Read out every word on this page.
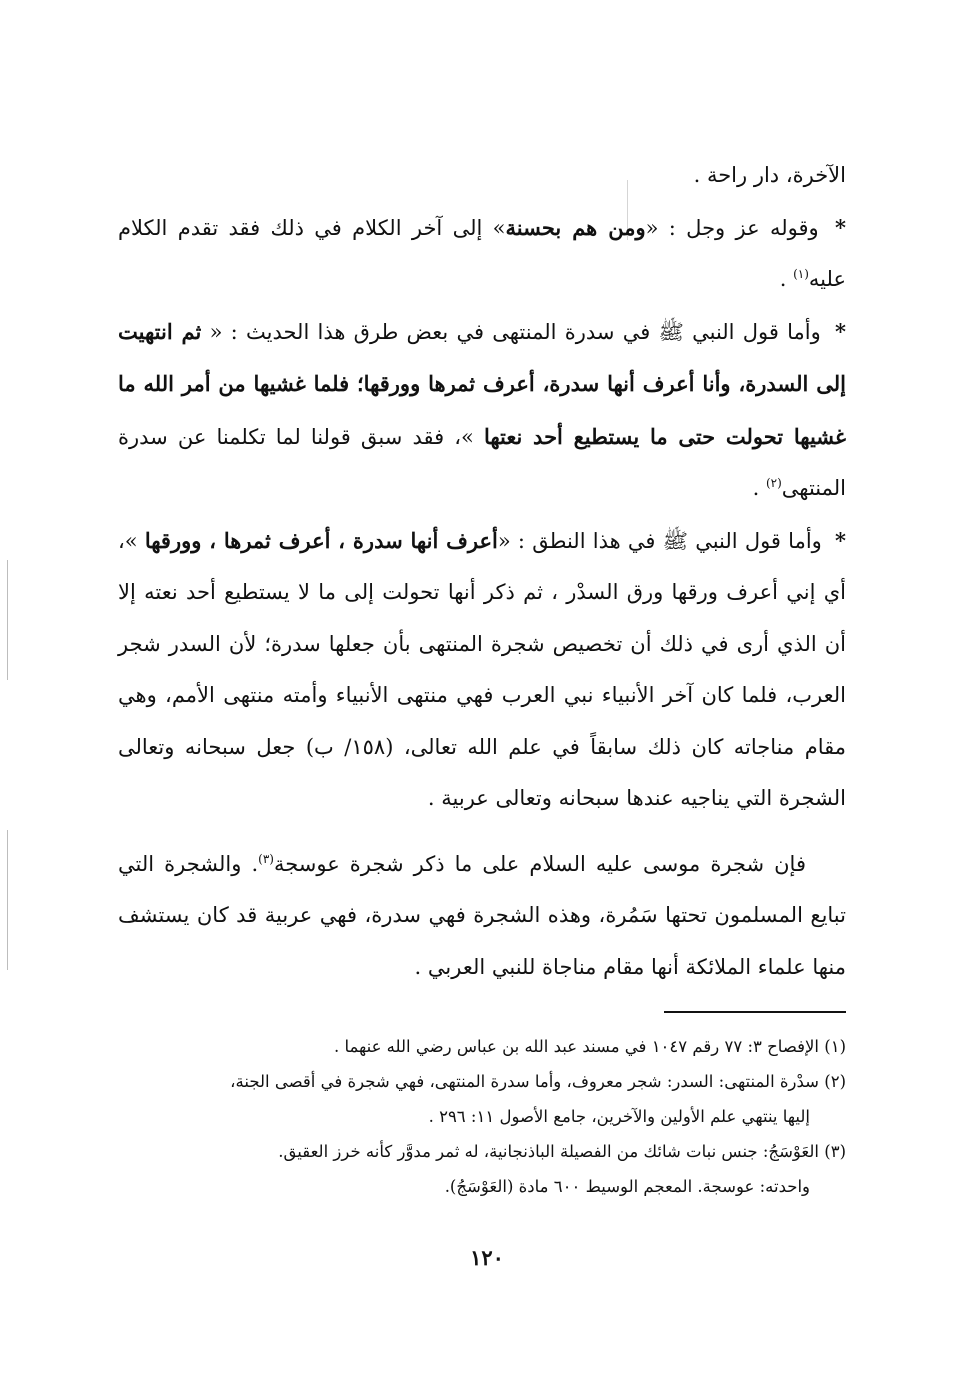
الآخرة، دار راحة .

* وقوله عز وجل : «ومن هم بحسنة» إلى آخر الكلام في ذلك فقد تقدم الكلام عليه$^{(١)}$ .

* وأما قول النبي ﷺ في سدرة المنتهى في بعض طرق هذا الحديث : « ثم انتهيت إلى السدرة، وأنا أعرف أنها سدرة، أعرف ثمرها وورقها؛ فلما غشيها من أمر الله ما غشيها تحولت حتى ما يستطيع أحد نعتها »، فقد سبق قولنا لما تكلمنا عن سدرة المنتهى$^{(٢)}$ .

* وأما قول النبي ﷺ في هذا النطق : «أعرف أنها سدرة ، أعرف ثمرها ، وورقها »، أي إني أعرف ورقها ورق السدْر ، ثم ذكر أنها تحولت إلى ما لا يستطيع أحد نعته إلا أن الذي أرى في ذلك أن تخصيص شجرة المنتهى بأن جعلها سدرة؛ لأن السدر شجر العرب، فلما كان آخر الأنبياء نبي العرب فهي منتهى الأنبياء وأمته منتهى الأمم، وهي مقام مناجاته كان ذلك سابقاً في علم الله تعالى، (١٥٨/ ب) جعل سبحانه وتعالى الشجرة التي يناجيه عندها سبحانه وتعالى عربية .

فإن شجرة موسى عليه السلام على ما ذكر شجرة عوسجة$^{(٣)}$. والشجرة التي تبايع المسلمون تحتها سَمُرة، وهذه الشجرة فهي سدرة، فهي عربية قد كان يستشف منها علماء الملائكة أنها مقام مناجاة للنبي العربي .

(١) الإفصاح ٣: ٧٧ رقم ١٠٤٧ في مسند عبد الله بن عباس رضي الله عنهما .

(٢) سدْرة المنتهى: السدر: شجر معروف، وأما سدرة المنتهى، فهي شجرة في أقصى الجنة،

إليها ينتهي علم الأولين والآخرين، جامع الأصول ١١: ٢٩٦ .

(٣) العَوْسَجُ: جنس نبات شائك من الفصيلة الباذنجانية، له ثمر مدوَّر كأنه خرز العقيق.

واحدته: عوسجة. المعجم الوسيط ٦٠٠ مادة (العَوْسَجُ).

١٢٠
